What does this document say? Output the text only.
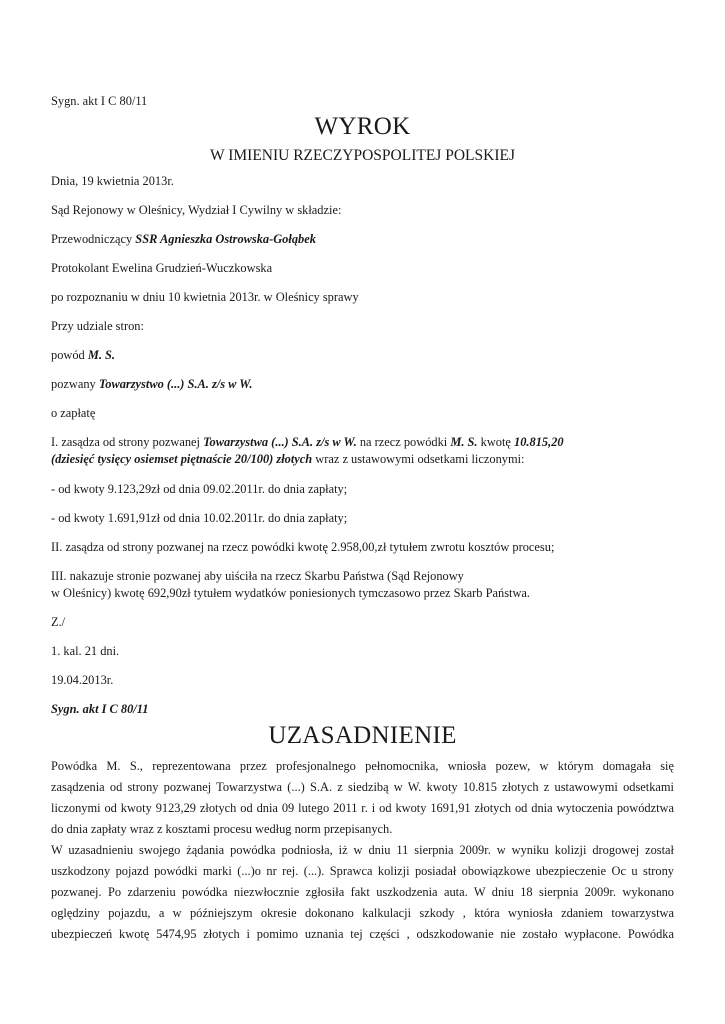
Sygn. akt I C 80/11
WYROK
W IMIENIU RZECZYPOSPOLITEJ POLSKIEJ
Dnia, 19 kwietnia 2013r.
Sąd Rejonowy w Oleśnicy, Wydział I Cywilny w składzie:
Przewodniczący SSR Agnieszka Ostrowska-Gołąbek
Protokolant Ewelina Grudzień-Wuczkowska
po rozpoznaniu w dniu 10 kwietnia 2013r. w Oleśnicy sprawy
Przy udziale stron:
powód M. S.
pozwany Towarzystwo (...) S.A. z/s w W.
o zapłatę
I. zasądza od strony pozwanej Towarzystwa (...) S.A. z/s w W. na rzecz powódki M. S. kwotę 10.815,20
(dziesięć tysięcy osiemset piętnaście 20/100) złotych wraz z ustawowymi odsetkami liczonymi:
- od kwoty 9.123,29zł od dnia 09.02.2011r. do dnia zapłaty;
- od kwoty 1.691,91zł od dnia 10.02.2011r. do dnia zapłaty;
II. zasądza od strony pozwanej na rzecz powódki kwotę 2.958,00,zł tytułem zwrotu kosztów procesu;
III. nakazuje stronie pozwanej aby uiściła na rzecz Skarbu Państwa (Sąd Rejonowy
w Oleśnicy) kwotę 692,90zł tytułem wydatków poniesionych tymczasowo przez Skarb Państwa.
Z./
1. kal. 21 dni.
19.04.2013r.
Sygn. akt I C 80/11
UZASADNIENIE
Powódka M. S., reprezentowana przez profesjonalnego pełnomocnika, wniosła pozew, w którym domagała się
zasądzenia od strony pozwanej Towarzystwa (...) S.A. z siedzibą w W. kwoty 10.815 złotych z ustawowymi odsetkami
liczonymi od kwoty 9123,29 złotych od dnia 09 lutego 2011 r. i od kwoty 1691,91 złotych od dnia wytoczenia powództwa
do dnia zapłaty wraz z kosztami procesu według norm przepisanych.
W uzasadnieniu swojego żądania powódka podniosła, iż w dniu 11 sierpnia 2009r. w wyniku kolizji drogowej został
uszkodzony pojazd powódki marki (...)o nr rej. (...). Sprawca kolizji posiadał obowiązkowe ubezpieczenie Oc u strony
pozwanej. Po zdarzeniu powódka niezwłocznie zgłosiła fakt uszkodzenia auta. W dniu 18 sierpnia 2009r. wykonano
oględziny pojazdu, a w późniejszym okresie dokonano kalkulacji szkody , która wyniosła zdaniem towarzystwa
ubezpieczeń kwotę 5474,95 złotych i pomimo uznania tej części , odszkodowanie nie zostało wypłacone. Powódka
